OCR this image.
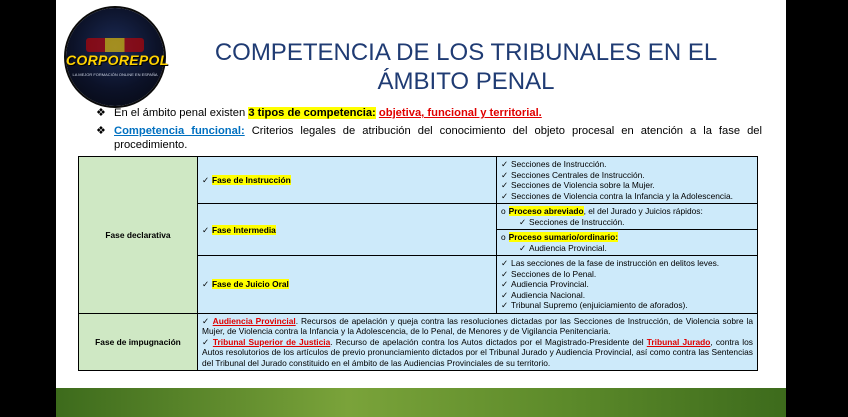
CORPOREPOL
LA MEJOR FORMACIÓN ONLINE EN ESPAÑA
COMPETENCIA DE LOS TRIBUNALES EN EL
ÁMBITO PENAL
❖ En el ámbito penal existen 3 tipos de competencia: objetiva, funcional y territorial.
❖ Competencia funcional: Criterios legales de atribución del conocimiento del objeto procesal en atención a la fase del procedimiento.
Fase declarativa	✓ Fase de Instrucción	✓ Secciones de Instrucción.
✓ Secciones Centrales de Instrucción.
✓ Secciones de Violencia sobre la Mujer.
✓ Secciones de Violencia contra la Infancia y la Adolescencia.

	✓ Fase Intermedia	o Proceso abreviado, el del Jurado y Juicios rápidos:
✓ Secciones de Instrucción.

		o Proceso sumario/ordinario:
✓ Audiencia Provincial.

	✓ Fase de Juicio Oral	✓ Las secciones de la fase de instrucción en delitos leves.
✓ Secciones de lo Penal.
✓ Audiencia Provincial.
✓ Audiencia Nacional.
✓ Tribunal Supremo (enjuiciamiento de aforados).

Fase de impugnación	✓ Audiencia Provincial. Recursos de apelación y queja contra las resoluciones dictadas por las Secciones de Instrucción, de Violencia sobre la Mujer, de Violencia contra la Infancia y la Adolescencia, de lo Penal, de Menores y de Vigilancia Penitenciaria.
✓ Tribunal Superior de Justicia. Recurso de apelación contra los Autos dictados por el Magistrado-Presidente del Tribunal Jurado, contra los Autos resolutorios de los artículos de previo pronunciamiento dictados por el Tribunal Jurado y Audiencia Provincial, así como contra las Sentencias del Tribunal del Jurado constituido en el ámbito de las Audiencias Provinciales de su territorio.	
